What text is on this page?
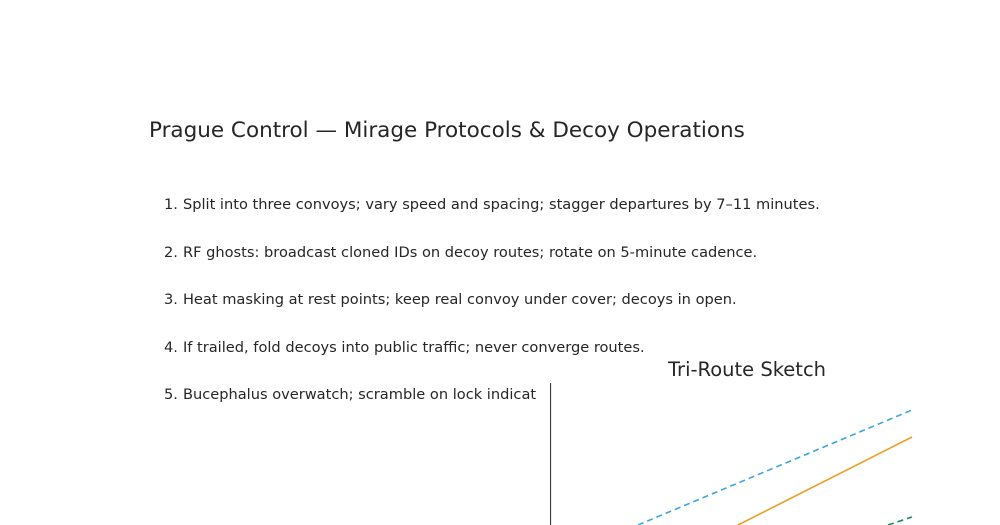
Prague Control — Mirage Protocols & Decoy Operations
1. Split into three convoys; vary speed and spacing; stagger departures by 7–11 minutes.
2. RF ghosts: broadcast cloned IDs on decoy routes; rotate on 5-minute cadence.
3. Heat masking at rest points; keep real convoy under cover; decoys in open.
4. If trailed, fold decoys into public traffic; never converge routes.
5. Bucephalus overwatch; scramble on lock indicat
Tri-Route Sketch
